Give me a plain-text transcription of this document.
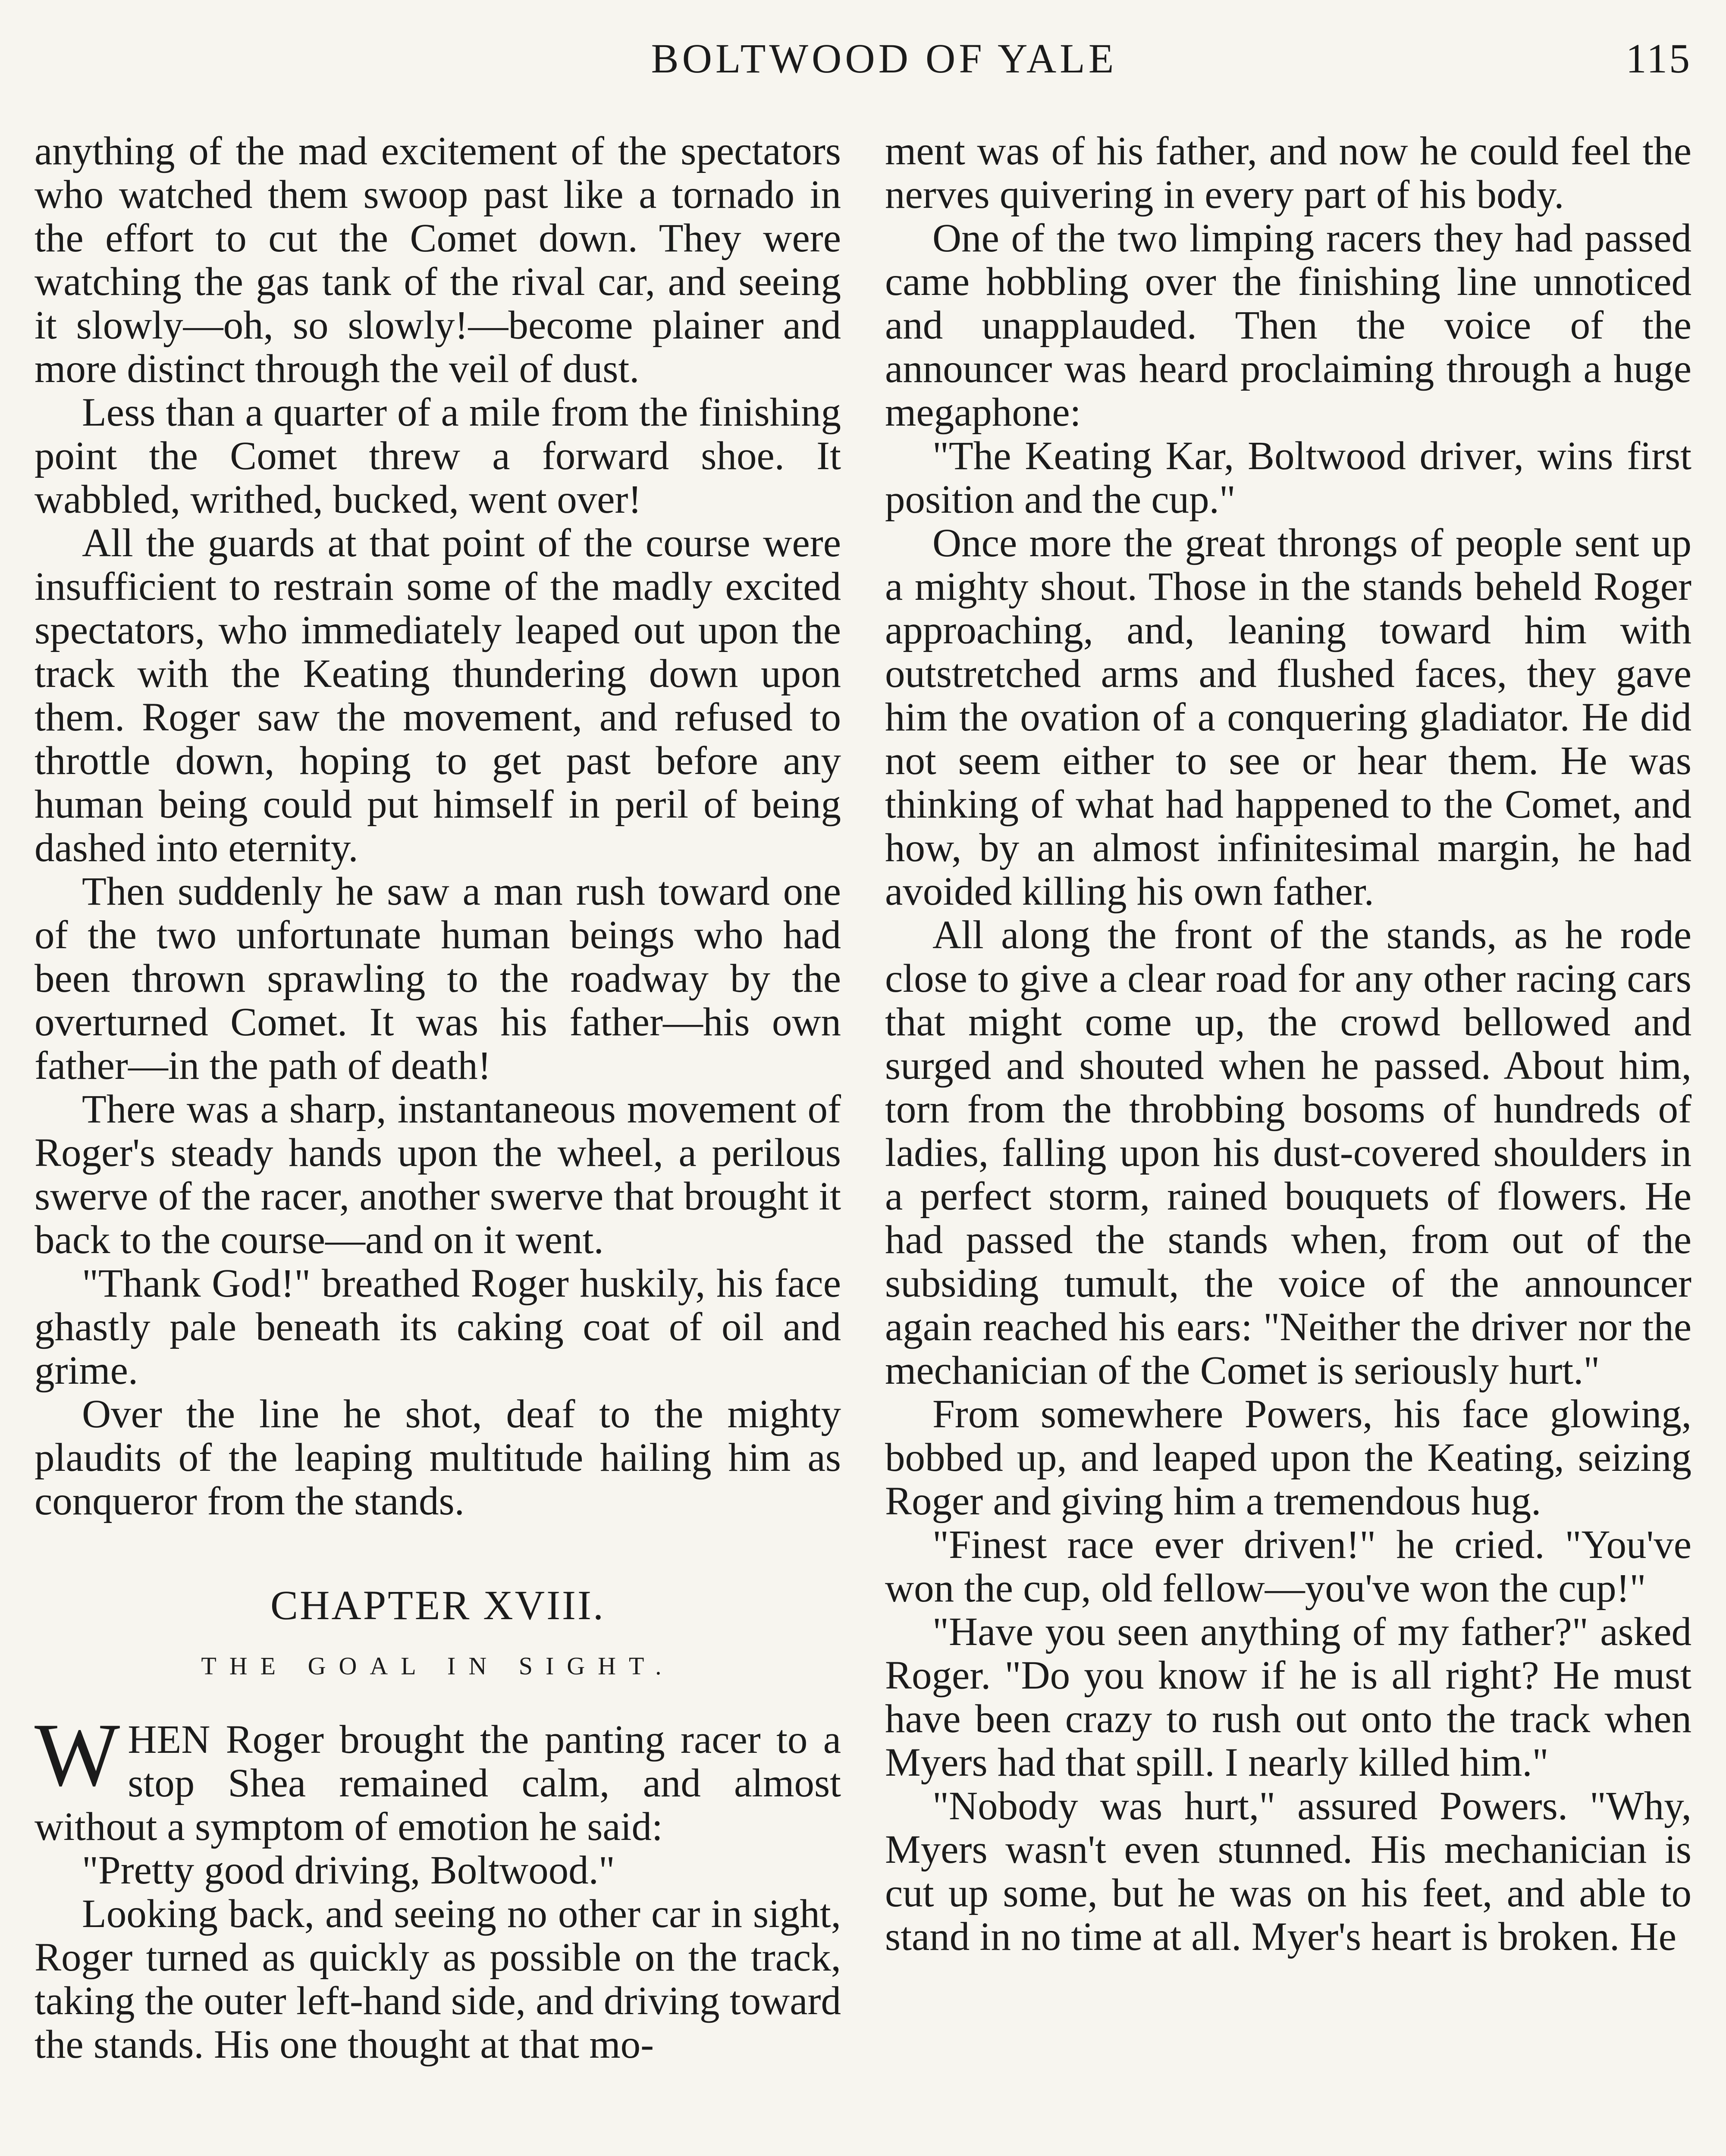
BOLTWOOD OF YALE	115

anything of the mad excitement of the spectators who watched them swoop past like a tornado in the effort to cut the Comet down. They were watching the gas tank of the rival car, and seeing it slowly—oh, so slowly!—become plainer and more distinct through the veil of dust.

Less than a quarter of a mile from the finishing point the Comet threw a forward shoe. It wabbled, writhed, bucked, went over!

All the guards at that point of the course were insufficient to restrain some of the madly excited spectators, who immediately leaped out upon the track with the Keating thundering down upon them. Roger saw the movement, and refused to throttle down, hoping to get past before any human being could put himself in peril of being dashed into eternity.

Then suddenly he saw a man rush toward one of the two unfortunate human beings who had been thrown sprawling to the roadway by the overturned Comet. It was his father—his own father—in the path of death!

There was a sharp, instantaneous movement of Roger's steady hands upon the wheel, a perilous swerve of the racer, another swerve that brought it back to the course—and on it went.

"Thank God!" breathed Roger huskily, his face ghastly pale beneath its caking coat of oil and grime.

Over the line he shot, deaf to the mighty plaudits of the leaping multitude hailing him as conqueror from the stands.

CHAPTER XVIII.
THE GOAL IN SIGHT.

WHEN Roger brought the panting racer to a stop Shea remained calm, and almost without a symptom of emotion he said:

"Pretty good driving, Boltwood."

Looking back, and seeing no other car in sight, Roger turned as quickly as possible on the track, taking the outer left-hand side, and driving toward the stands. His one thought at that mo-

ment was of his father, and now he could feel the nerves quivering in every part of his body.

One of the two limping racers they had passed came hobbling over the finishing line unnoticed and unapplauded. Then the voice of the announcer was heard proclaiming through a huge megaphone:

"The Keating Kar, Boltwood driver, wins first position and the cup."

Once more the great throngs of people sent up a mighty shout. Those in the stands beheld Roger approaching, and, leaning toward him with outstretched arms and flushed faces, they gave him the ovation of a conquering gladiator. He did not seem either to see or hear them. He was thinking of what had happened to the Comet, and how, by an almost infinitesimal margin, he had avoided killing his own father.

All along the front of the stands, as he rode close to give a clear road for any other racing cars that might come up, the crowd bellowed and surged and shouted when he passed. About him, torn from the throbbing bosoms of hundreds of ladies, falling upon his dust-covered shoulders in a perfect storm, rained bouquets of flowers. He had passed the stands when, from out of the subsiding tumult, the voice of the announcer again reached his ears: "Neither the driver nor the mechanician of the Comet is seriously hurt."

From somewhere Powers, his face glowing, bobbed up, and leaped upon the Keating, seizing Roger and giving him a tremendous hug.

"Finest race ever driven!" he cried. "You've won the cup, old fellow—you've won the cup!"

"Have you seen anything of my father?" asked Roger. "Do you know if he is all right? He must have been crazy to rush out onto the track when Myers had that spill. I nearly killed him."

"Nobody was hurt," assured Powers. "Why, Myers wasn't even stunned. His mechanician is cut up some, but he was on his feet, and able to stand in no time at all. Myer's heart is broken. He
